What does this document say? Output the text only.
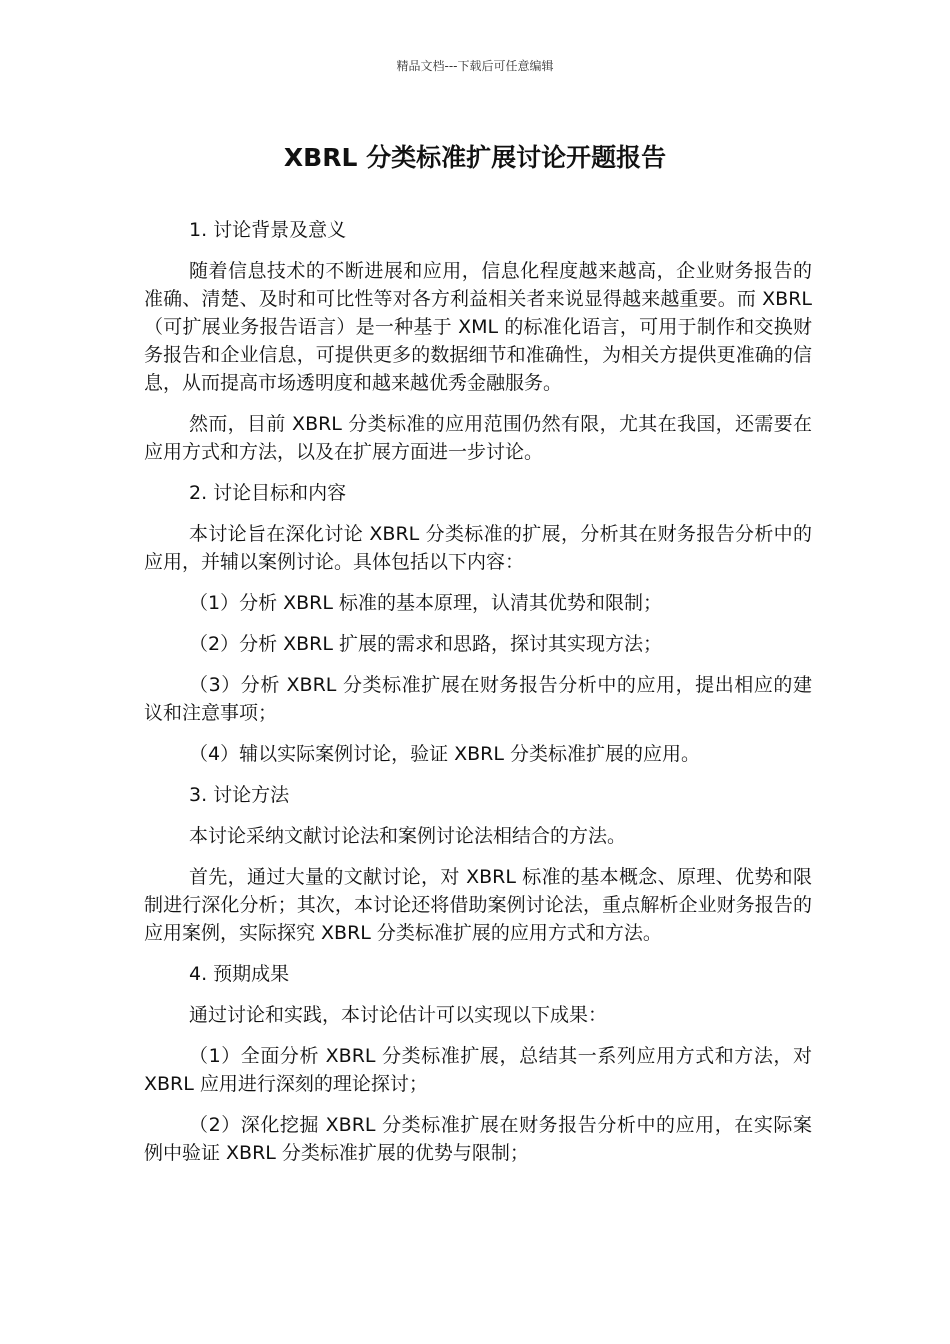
精品文档---下载后可任意编辑
XBRL 分类标准扩展讨论开题报告

1. 讨论背景及意义

随着信息技术的不断进展和应用，信息化程度越来越高，企业财务报告的准确、清楚、及时和可比性等对各方利益相关者来说显得越来越重要。而 XBRL（可扩展业务报告语言）是一种基于 XML 的标准化语言，可用于制作和交换财务报告和企业信息，可提供更多的数据细节和准确性，为相关方提供更准确的信息，从而提高市场透明度和越来越优秀金融服务。

然而，目前 XBRL 分类标准的应用范围仍然有限，尤其在我国，还需要在应用方式和方法，以及在扩展方面进一步讨论。

2. 讨论目标和内容

本讨论旨在深化讨论 XBRL 分类标准的扩展，分析其在财务报告分析中的应用，并辅以案例讨论。具体包括以下内容：

（1）分析 XBRL 标准的基本原理，认清其优势和限制；

（2）分析 XBRL 扩展的需求和思路，探讨其实现方法；

（3）分析 XBRL 分类标准扩展在财务报告分析中的应用，提出相应的建议和注意事项；

（4）辅以实际案例讨论，验证 XBRL 分类标准扩展的应用。

3. 讨论方法

本讨论采纳文献讨论法和案例讨论法相结合的方法。

首先，通过大量的文献讨论，对 XBRL 标准的基本概念、原理、优势和限制进行深化分析；其次，本讨论还将借助案例讨论法，重点解析企业财务报告的应用案例，实际探究 XBRL 分类标准扩展的应用方式和方法。

4. 预期成果

通过讨论和实践，本讨论估计可以实现以下成果：

（1）全面分析 XBRL 分类标准扩展，总结其一系列应用方式和方法，对 XBRL 应用进行深刻的理论探讨；

（2）深化挖掘 XBRL 分类标准扩展在财务报告分析中的应用，在实际案例中验证 XBRL 分类标准扩展的优势与限制；
